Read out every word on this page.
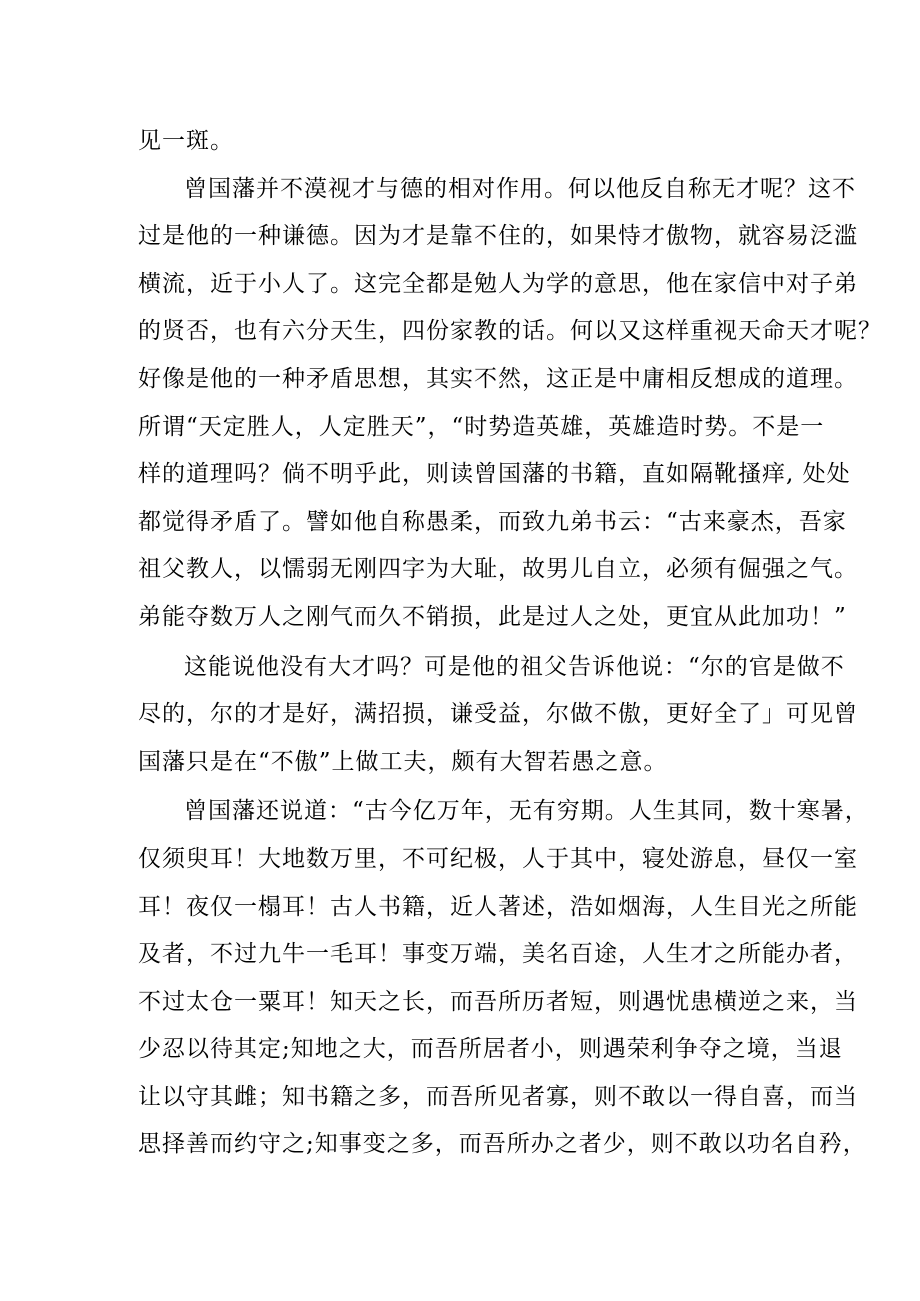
见一斑。
曾国藩并不漠视才与德的相对作用。何以他反自称无才呢？这不
过是他的一种谦德。因为才是靠不住的，如果恃才傲物，就容易泛滥
横流，近于小人了。这完全都是勉人为学的意思，他在家信中对子弟
的贤否，也有六分天生，四份家教的话。何以又这样重视天命天才呢？
好像是他的一种矛盾思想，其实不然，这正是中庸相反想成的道理。
所谓“天定胜人，人定胜天”，“时势造英雄，英雄造时势。不是一
样的道理吗？倘不明乎此，则读曾国藩的书籍，直如隔靴搔痒, 处处
都觉得矛盾了。譬如他自称愚柔，而致九弟书云：“古来豪杰，吾家
祖父教人，以懦弱无刚四字为大耻，故男儿自立，必须有倔强之气。
弟能夺数万人之刚气而久不销损，此是过人之处，更宜从此加功！”
这能说他没有大才吗？可是他的祖父告诉他说：“尔的官是做不
尽的，尔的才是好，满招损，谦受益，尔做不傲，更好全了」可见曾
国藩只是在“不傲”上做工夫，颇有大智若愚之意。
曾国藩还说道：“古今亿万年，无有穷期。人生其同，数十寒暑，
仅须臾耳！大地数万里，不可纪极，人于其中，寝处游息，昼仅一室
耳！夜仅一榻耳！古人书籍，近人著述，浩如烟海，人生目光之所能
及者，不过九牛一毛耳！事变万端，美名百途，人生才之所能办者，
不过太仓一粟耳！知天之长，而吾所历者短，则遇忧患横逆之来，当
少忍以待其定;知地之大，而吾所居者小，则遇荣利争夺之境，当退
让以守其雌；知书籍之多，而吾所见者寡，则不敢以一得自喜，而当
思择善而约守之;知事变之多，而吾所办之者少，则不敢以功名自矜，
